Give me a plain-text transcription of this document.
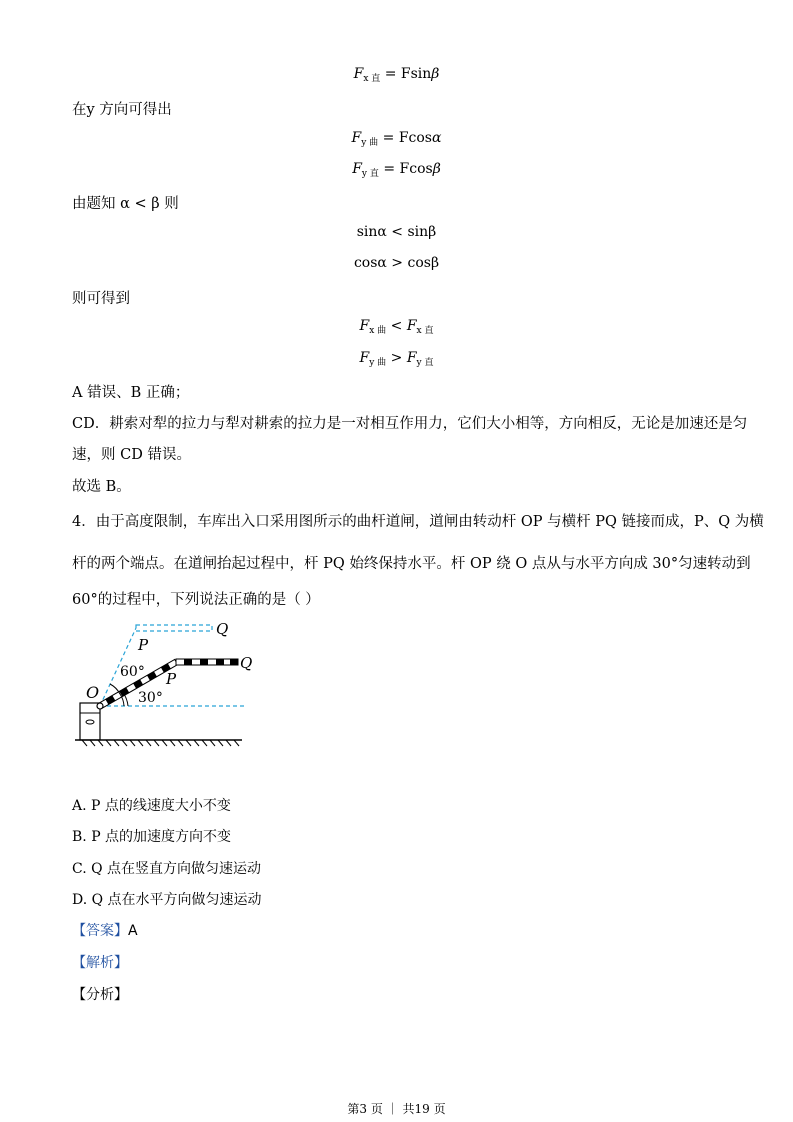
$F_{x 直} = Fsin\beta$
在y 方向可得出
$F_{y 曲} = Fcos\alpha$
$F_{y 直} = Fcos\beta$
由题知 α < β 则
sinα < sinβ
cosα > cosβ
则可得到
$F_{x 曲} < F_{x 直}$
$F_{y 曲} > F_{y 直}$
A 错误、B 正确；
CD．耕索对犁的拉力与犁对耕索的拉力是一对相互作用力，它们大小相等，方向相反，无论是加速还是匀
速，则 CD 错误。
故选 B。
4．由于高度限制，车库出入口采用图所示的曲杆道闸，道闸由转动杆 OP 与横杆 PQ 链接而成，P、Q 为横
杆的两个端点。在道闸抬起过程中，杆 PQ 始终保持水平。杆 OP 绕 O 点从与水平方向成 30°匀速转动到
60°的过程中，下列说法正确的是（ ）
O
P
Q
P
Q
60°
30°
A. P 点的线速度大小不变
B. P 点的加速度方向不变
C. Q 点在竖直方向做匀速运动
D. Q 点在水平方向做匀速运动
【答案】A
【解析】
【分析】
第3 页 ｜ 共19 页
